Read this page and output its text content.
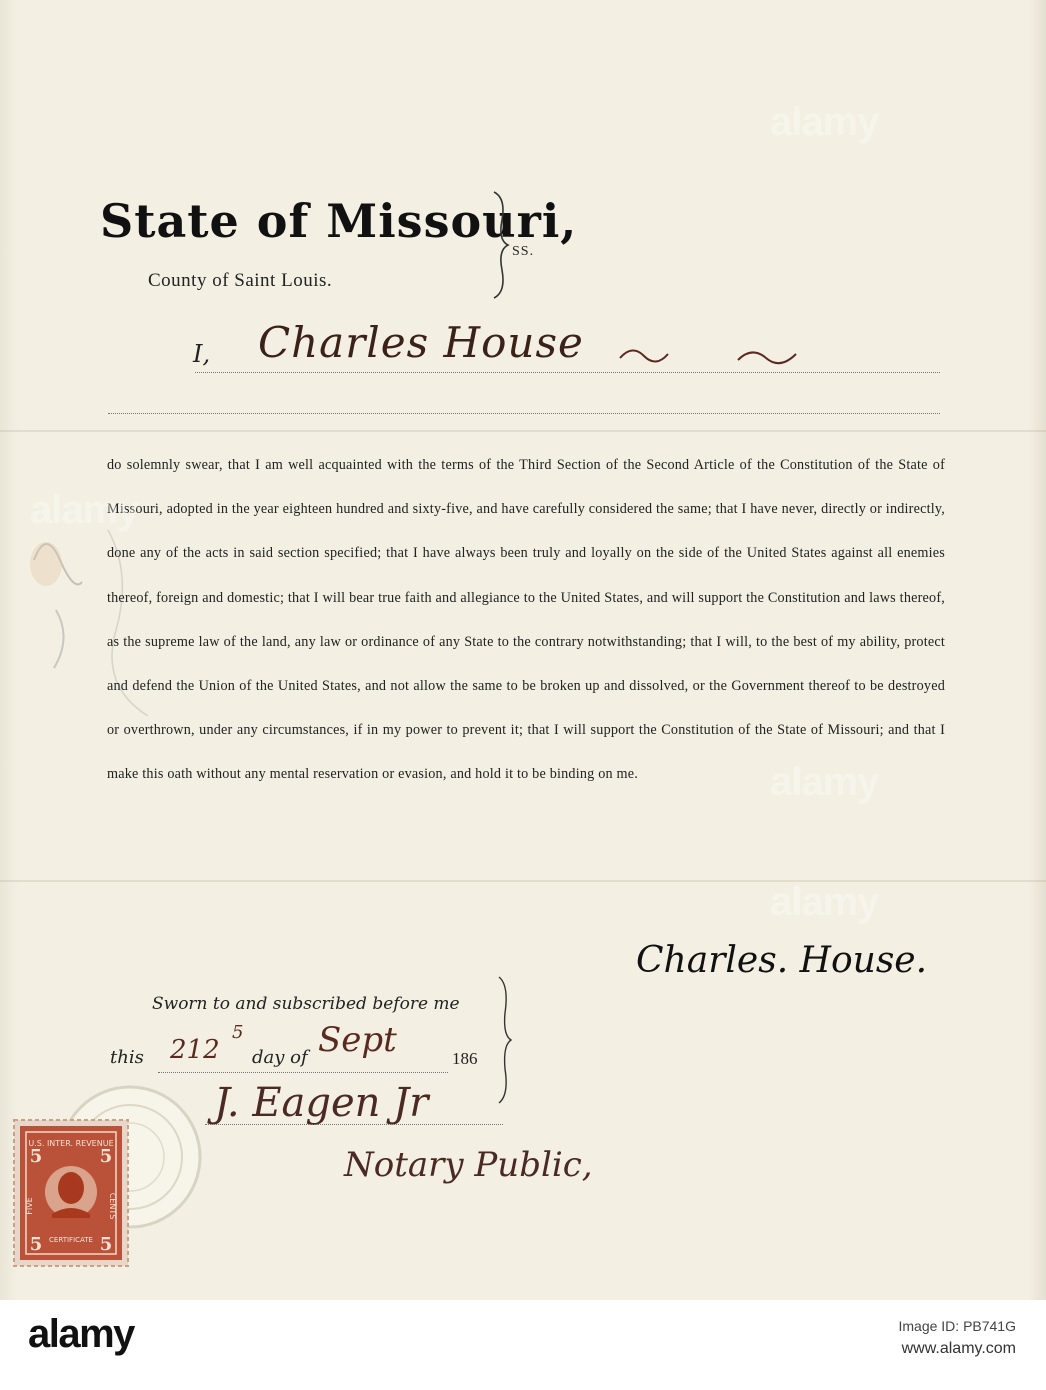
State of Missouri,
County of Saint Louis.
SS.
I, Charles House

do solemnly swear, that I am well acquainted with the terms of the Third Section of the Second Article of the Constitution of the State of Missouri, adopted in the year eighteen hundred and sixty-five, and have carefully considered the same; that I have never, directly or indirectly, done any of the acts in said section specified; that I have always been truly and loyally on the side of the United States against all enemies thereof, foreign and domestic; that I will bear true faith and allegiance to the United States, and will support the Constitution and laws thereof, as the supreme law of the land, any law or ordinance of any State to the contrary notwithstanding; that I will, to the best of my ability, protect and defend the Union of the United States, and not allow the same to be broken up and dissolved, or the Government thereof to be destroyed or overthrown, under any circumstances, if in my power to prevent it; that I will support the Constitution of the State of Missouri; and that I make this oath without any mental reservation or evasion, and hold it to be binding on me.

Charles. House.
Sworn to and subscribed before me
this 212
5
day of Sept	186
J. Eagen Jr
Notary Public,
U.S. INTER. REVENUE
5	5
FIVE	CENTS
5	5
CERTIFICATE
alamy
alamy
alamy
alamy
alamy	Image ID: PB741G
www.alamy.com
